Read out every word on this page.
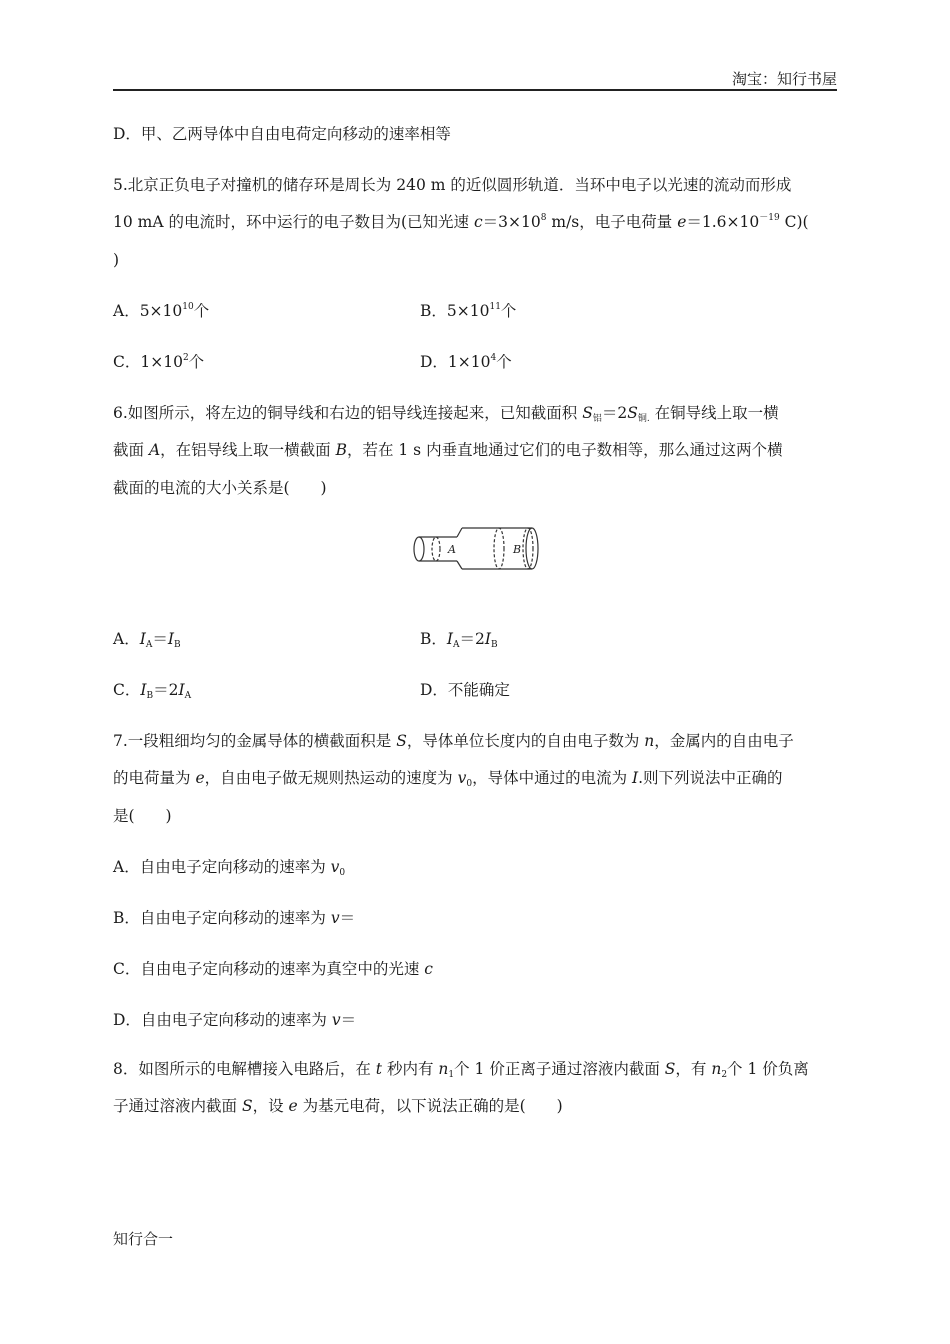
淘宝：知行书屋
D．甲、乙两导体中自由电荷定向移动的速率相等
5.北京正负电子对撞机的储存环是周长为 240 m 的近似圆形轨道．当环中电子以光速的流动而形成
10 mA 的电流时，环中运行的电子数目为(已知光速 $c=3\times 10^8$ m/s，电子电荷量 $e=1.6\times 10^{-19}$ C)(
)
A．$5\times 10^{10}$个	B．$5\times 10^{11}$个
C．$1\times 10^2$个	D．$1\times 10^4$个
6.如图所示，将左边的铜导线和右边的铝导线连接起来，已知截面积 $S_铝=2S_{铜.}$ 在铜导线上取一横
截面 A，在铝导线上取一横截面 B，若在 1 s 内垂直地通过它们的电子数相等，那么通过这两个横
截面的电流的大小关系是(　　)
A	B
A．$I_A=I_B$	B．$I_A=2I_B$
C．$I_B=2I_A$	D．不能确定
7.一段粗细均匀的金属导体的横截面积是 S，导体单位长度内的自由电子数为 n，金属内的自由电子
的电荷量为 e，自由电子做无规则热运动的速度为 $v_0$，导体中通过的电流为 I.则下列说法中正确的
是(　　)
A．自由电子定向移动的速率为 $v_0$
B．自由电子定向移动的速率为 v＝
C．自由电子定向移动的速率为真空中的光速 c
D．自由电子定向移动的速率为 v＝
8．如图所示的电解槽接入电路后，在 t 秒内有 $n_1$个 1 价正离子通过溶液内截面 S，有 $n_2$个 1 价负离
子通过溶液内截面 S，设 e 为基元电荷，以下说法正确的是(　　)
知行合一
